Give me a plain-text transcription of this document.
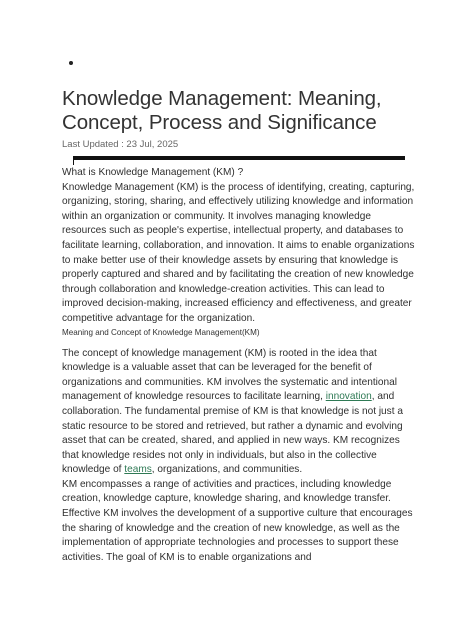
Knowledge Management: Meaning, Concept, Process and Significance
Last Updated : 23 Jul, 2025

What is Knowledge Management (KM) ?

Knowledge Management (KM) is the process of identifying, creating, capturing, organizing, storing, sharing, and effectively utilizing knowledge and information within an organization or community. It involves managing knowledge resources such as people's expertise, intellectual property, and databases to facilitate learning, collaboration, and innovation. It aims to enable organizations to make better use of their knowledge assets by ensuring that knowledge is properly captured and shared and by facilitating the creation of new knowledge through collaboration and knowledge-creation activities. This can lead to improved decision-making, increased efficiency and effectiveness, and greater competitive advantage for the organization.

Meaning and Concept of Knowledge Management(KM)

The concept of knowledge management (KM) is rooted in the idea that knowledge is a valuable asset that can be leveraged for the benefit of organizations and communities. KM involves the systematic and intentional management of knowledge resources to facilitate learning, innovation, and collaboration. The fundamental premise of KM is that knowledge is not just a static resource to be stored and retrieved, but rather a dynamic and evolving asset that can be created, shared, and applied in new ways. KM recognizes that knowledge resides not only in individuals, but also in the collective knowledge of teams, organizations, and communities.

KM encompasses a range of activities and practices, including knowledge creation, knowledge capture, knowledge sharing, and knowledge transfer. Effective KM involves the development of a supportive culture that encourages the sharing of knowledge and the creation of new knowledge, as well as the implementation of appropriate technologies and processes to support these activities. The goal of KM is to enable organizations and
